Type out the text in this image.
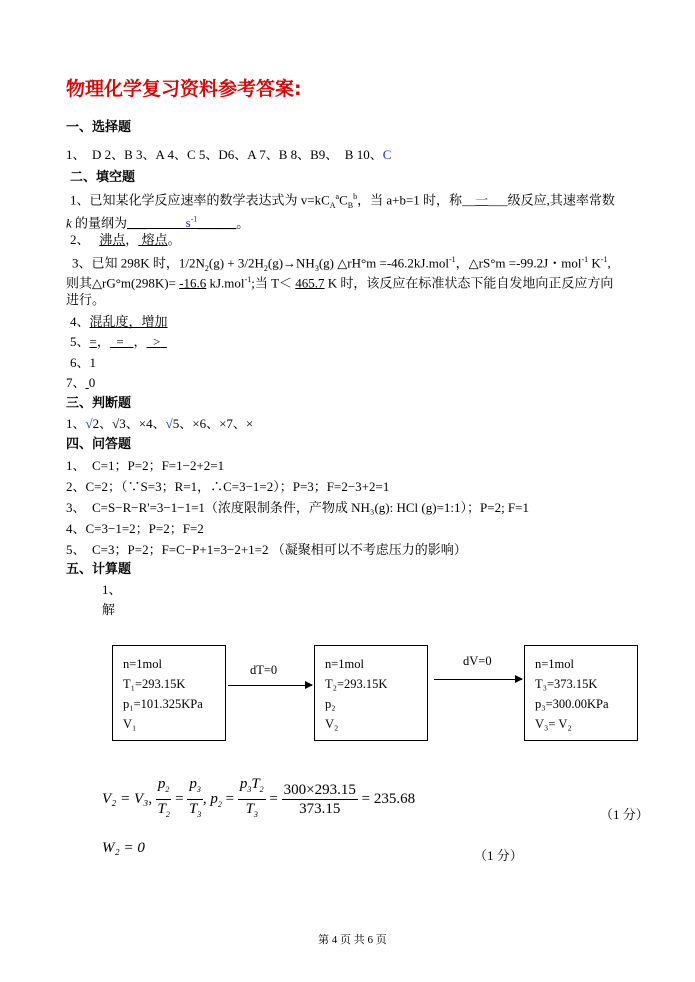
物理化学复习资料参考答案:
一、选择题
1、　D 2、B 3、A 4、C 5、D6、A 7、B 8、B9、　B 10、C
二、填空题
1、已知某化学反应速率的数学表达式为 $v=kC_A^aC_B^b$，当 a+b=1 时，称__一___级反应,其速率常数
k 的量纲为___　　　	$s^{-1}\_\_\_\_\_\_$。
2、　 沸点， 熔点。
3、已知 298K 时，$1/2N_2(g) + 3/2H_2(g)\to NH_3(g)$ △rH°m =-46.2kJ.mol$^{-1}$，△rS°m =-99.2J・mol$^{-1}$ $K^{-1}$,
则其△rG°m(298K)= -16.6 kJ.mol$^{-1}$;当 T＜ 465.7 K 时，该反应在标准状态下能自发地向正反应方向
进行。
4、混乱度，增加
5、=， = ， >
6、1
7、 0
三、判断题
1、√2、√3、×4、√5、×6、×7、×
四、问答题
1、　C=1；P=2；F=1−2+2=1
2、C=2；（∵S=3；R=1，∴C=3−1=2）；P=3；F=2−3+2=1
3、　C=S−R−R'=3−1−1=1（浓度限制条件，产物成 NH₃(g): HCl (g)=1:1）；P=2; F=1
4、C=3−1=2；P=2；F=2
5、　C=3；P=2；F=C−P+1=3−2+1=2 （凝聚相可以不考虑压力的影响）
五、计算题
1、
解
n=1mol
T₁=293.15K
p₁=101.325KPa
V₁
n=1mol
T₂=293.15K
p₂
V₂
n=1mol
T₃=373.15K
p₃=300.00KPa
V₃= V₂
dT=0
dV=0
V₂ = V₃, $\frac{p_2}{T_2} = \frac{p_3}{T_3}$ , $p_2 = \frac{p_3T_2}{T_3} = \frac{300\times 293.15}{373.15} = 235.68$
（1 分）
W₂ = 0	（1 分）
第 4 页 共 6 页
